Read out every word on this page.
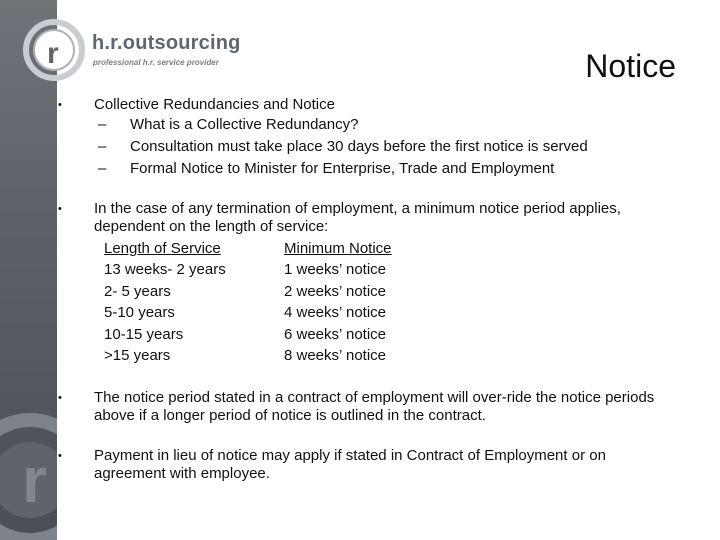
r
r h.r.outsourcing
professional h.r. service provider	Notice
•	Collective Redundancies and Notice
– What is a Collective Redundancy?
– Consultation must take place 30 days before the first notice is served
– Formal Notice to Minister for Enterprise, Trade and Employment
•	In the case of any termination of employment, a minimum notice period applies, dependent on the length of service:
Length of Service	Minimum Notice
13 weeks- 2 years	1 weeks’ notice
2- 5 years	2 weeks’ notice
5-10 years	4 weeks’ notice
10-15 years	6 weeks’ notice
>15 years	8 weeks’ notice
•	The notice period stated in a contract of employment will over-ride the notice periods above if a longer period of notice is outlined in the contract.
•	Payment in lieu of notice may apply if stated in Contract of Employment or on agreement with employee.
